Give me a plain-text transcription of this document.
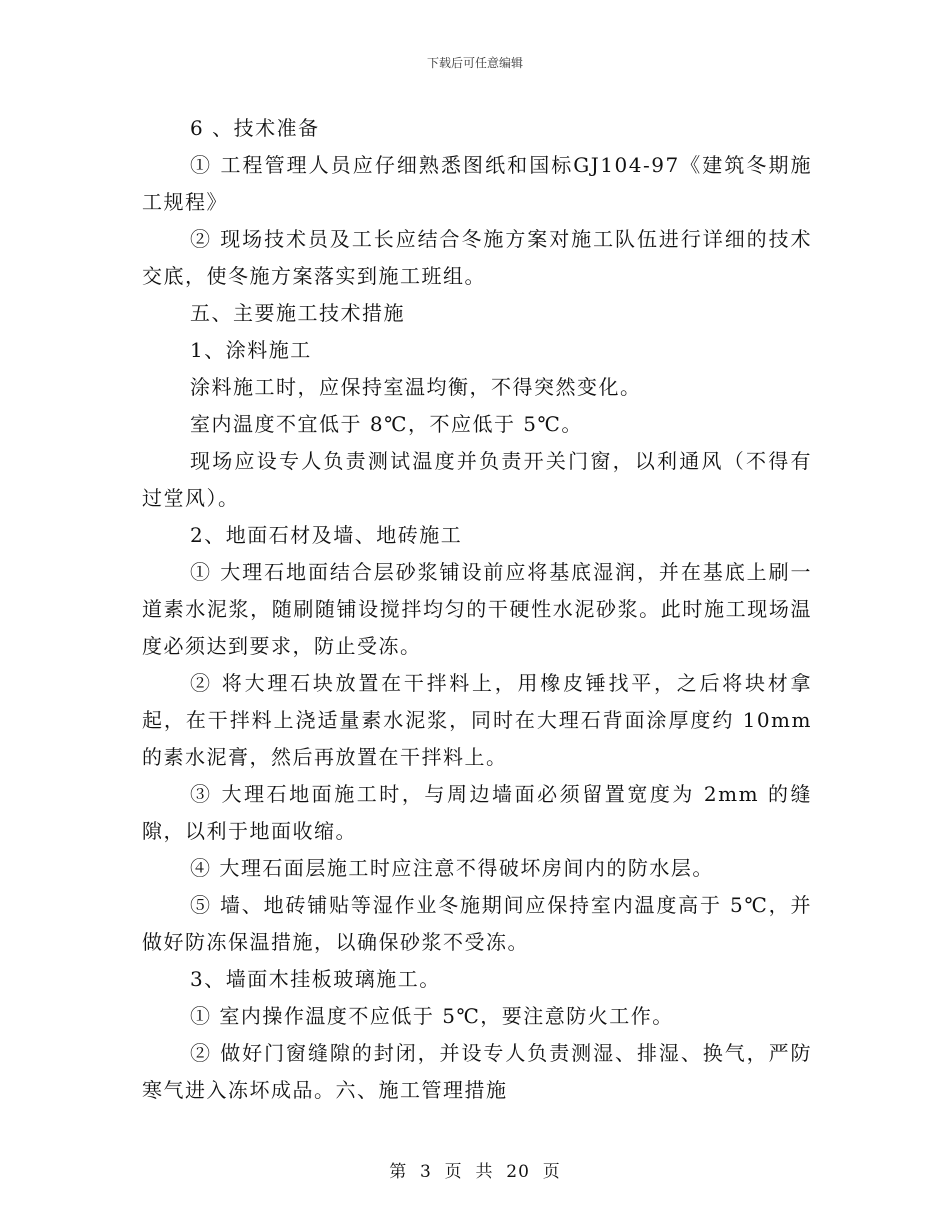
下载后可任意编辑

6 、技术准备

① 工程管理人员应仔细熟悉图纸和国标GJ104-97《建筑冬期施工规程》

② 现场技术员及工长应结合冬施方案对施工队伍进行详细的技术交底，使冬施方案落实到施工班组。

五、主要施工技术措施

1、涂料施工

涂料施工时，应保持室温均衡，不得突然变化。

室内温度不宜低于 8℃，不应低于 5℃。

现场应设专人负责测试温度并负责开关门窗，以利通风（不得有过堂风）。

2、地面石材及墙、地砖施工

① 大理石地面结合层砂浆铺设前应将基底湿润，并在基底上刷一道素水泥浆，随刷随铺设搅拌均匀的干硬性水泥砂浆。此时施工现场温度必须达到要求，防止受冻。

② 将大理石块放置在干拌料上，用橡皮锤找平，之后将块材拿起，在干拌料上浇适量素水泥浆，同时在大理石背面涂厚度约 10mm 的素水泥膏，然后再放置在干拌料上。

③ 大理石地面施工时，与周边墙面必须留置宽度为 2mm 的缝隙，以利于地面收缩。

④ 大理石面层施工时应注意不得破坏房间内的防水层。

⑤ 墙、地砖铺贴等湿作业冬施期间应保持室内温度高于 5℃，并做好防冻保温措施，以确保砂浆不受冻。

3、墙面木挂板玻璃施工。

① 室内操作温度不应低于 5℃，要注意防火工作。

② 做好门窗缝隙的封闭，并设专人负责测湿、排湿、换气，严防寒气进入冻坏成品。六、施工管理措施

第  3  页  共  20  页
